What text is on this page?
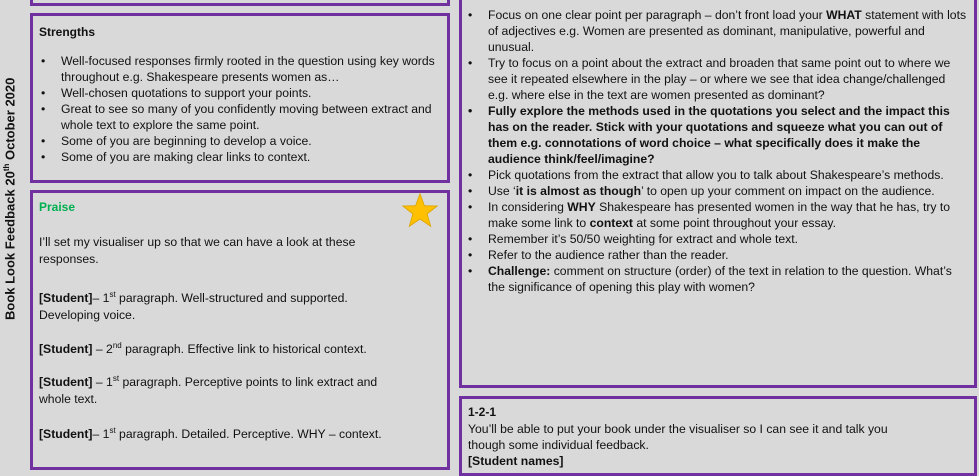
Book Look Feedback 20th October 2020

Strengths

• Well-focused responses firmly rooted in the question using key words throughout e.g. Shakespeare presents women as…
• Well-chosen quotations to support your points.
• Great to see so many of you confidently moving between extract and whole text to explore the same point.
• Some of you are beginning to develop a voice.
• Some of you are making clear links to context.

Praise

I’ll set my visualiser up so that we can have a look at these responses.
[Student]– 1st paragraph. Well-structured and supported. Developing voice.
[Student] – 2nd paragraph. Effective link to historical context.
[Student] – 1st paragraph. Perceptive points to link extract and whole text.
[Student]– 1st paragraph. Detailed. Perceptive. WHY – context.
• Focus on one clear point per paragraph – don’t front load your WHAT statement with lots of adjectives e.g. Women are presented as dominant, manipulative, powerful and unusual.
• Try to focus on a point about the extract and broaden that same point out to where we see it repeated elsewhere in the play – or where we see that idea change/challenged e.g. where else in the text are women presented as dominant?
• Fully explore the methods used in the quotations you select and the impact this has on the reader. Stick with your quotations and squeeze what you can out of them e.g. connotations of word choice – what specifically does it make the audience think/feel/imagine?
• Pick quotations from the extract that allow you to talk about Shakespeare’s methods.
• Use ‘it is almost as though’ to open up your comment on impact on the audience.
• In considering WHY Shakespeare has presented women in the way that he has, try to make some link to context at some point throughout your essay.
• Remember it’s 50/50 weighting for extract and whole text.
• Refer to the audience rather than the reader.
• Challenge: comment on structure (order) of the text in relation to the question. What’s the significance of opening this play with women?

1-2-1

You’ll be able to put your book under the visualiser so I can see it and talk you
though some individual feedback.
[Student names]
